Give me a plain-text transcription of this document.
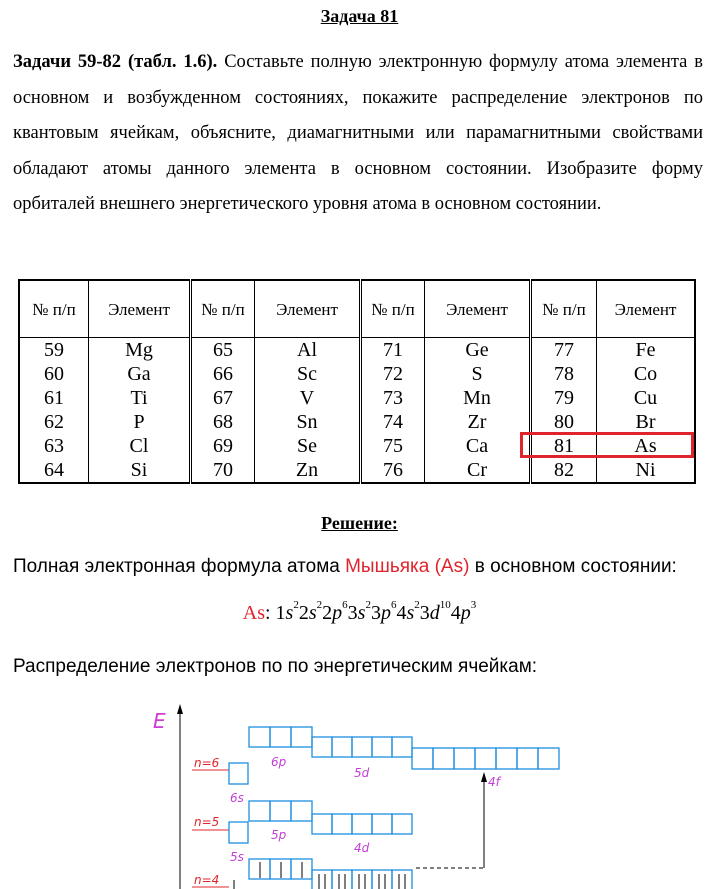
Задача 81
Задачи 59-82 (табл. 1.6). Составьте полную электронную формулу атома элемента в основном и возбужденном состояниях, покажите распределение электронов по квантовым ячейкам, объясните, диамагнитными или парамагнитными свойствами обладают атомы данного элемента в основном состоянии. Изобразите форму орбиталей внешнего энергетического уровня атома в основном состоянии.
№ п/п	Элемент	№ п/п	Элемент	№ п/п	Элемент	№ п/п	Элемент
59	Mg	65	Al	71	Ge	77	Fe
60	Ga	66	Sc	72	S	78	Co
61	Ti	67	V	73	Mn	79	Cu
62	P	68	Sn	74	Zr	80	Br
63	Cl	69	Se	75	Ca	81	As
64	Si	70	Zn	76	Cr	82	Ni
Решение:
Полная электронная формула атома Мышьяка (As) в основном состоянии:
As: $1s^22s^22p^63s^23p^64s^23d^{10}4p^3$
Распределение электронов по по энергетическим ячейкам:
E
n=6	6p
5d
4f
6s
n=5
5p
4d
5s
n=4
